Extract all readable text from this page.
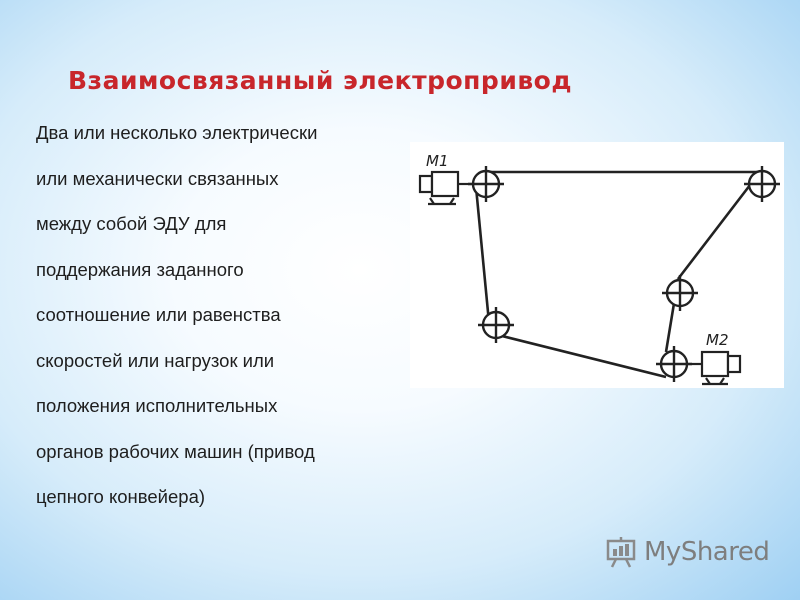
Взаимосвязанный электропривод
Два или несколько электрически
или механически связанных
между собой ЭДУ для
поддержания заданного
соотношение или равенства
скоростей или нагрузок или
положения исполнительных
органов рабочих машин (привод
цепного конвейера)
M1
M2
MyShared
